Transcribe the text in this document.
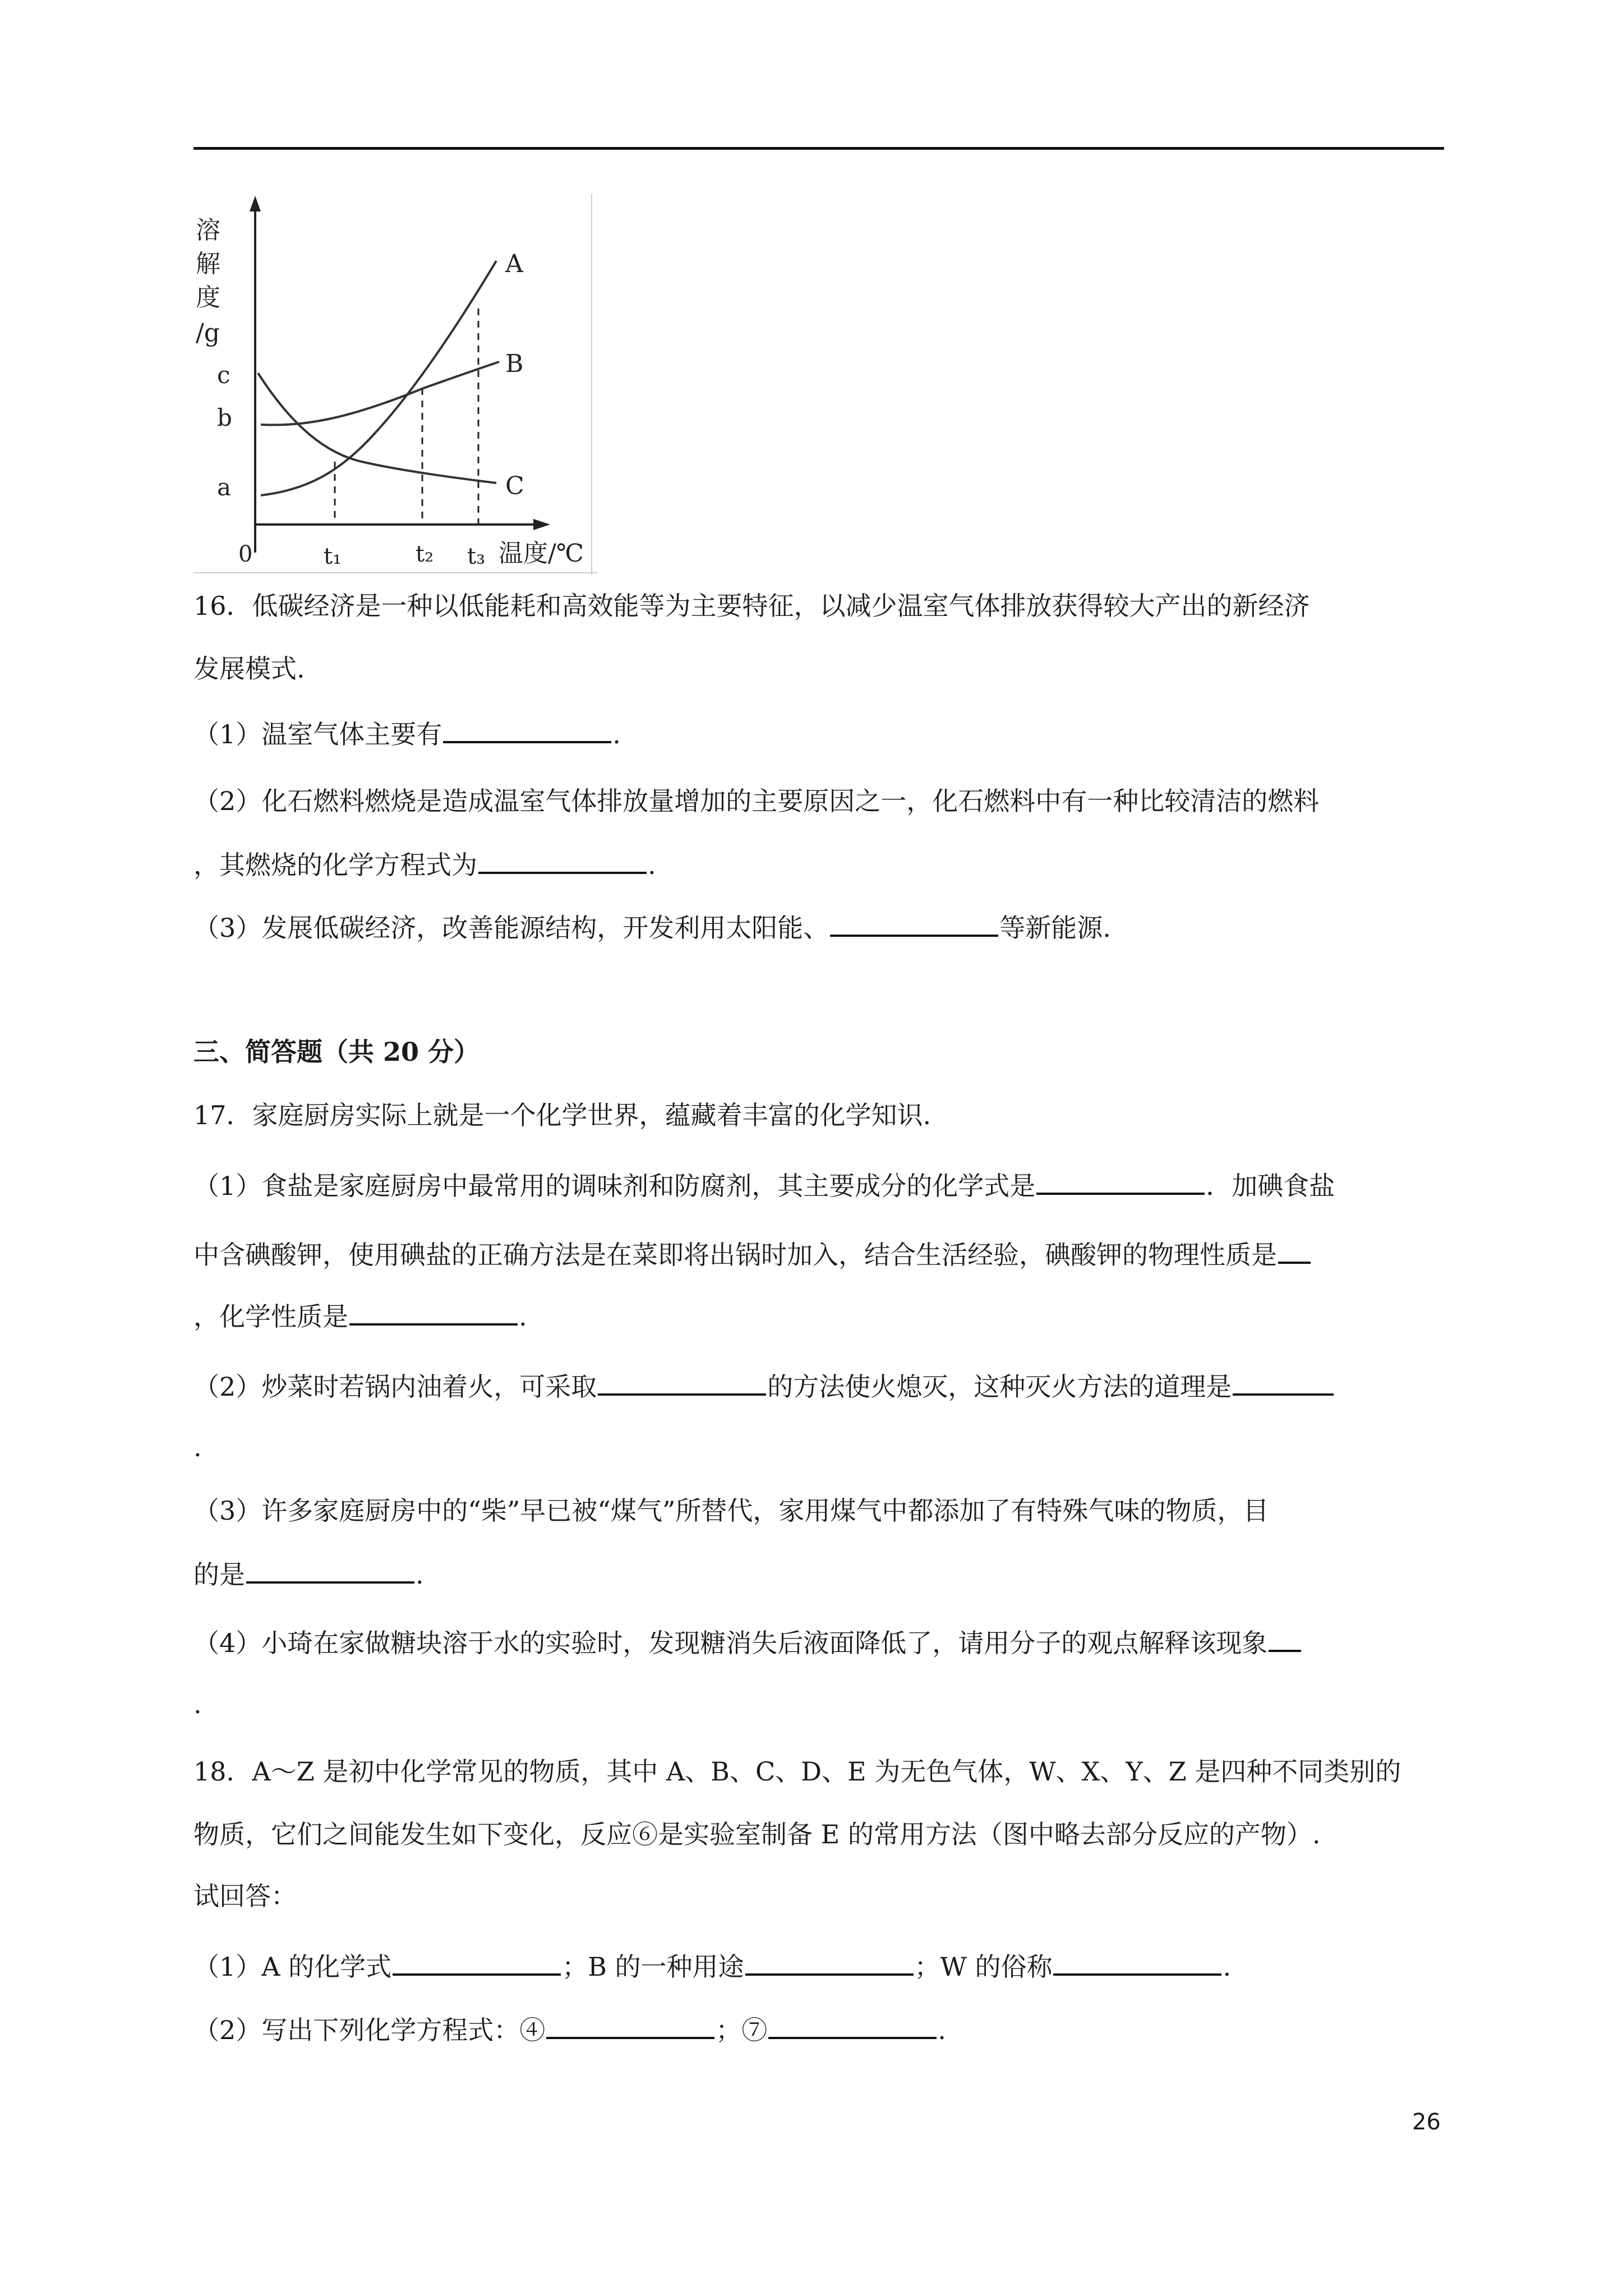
溶
解
度
/g
c
b
a
0	t₁	t₂ t₃ 温度/℃
A
B
C
16．低碳经济是一种以低能耗和高效能等为主要特征，以减少温室气体排放获得较大产出的新经济
发展模式.
（1）温室气体主要有	.
（2）化石燃料燃烧是造成温室气体排放量增加的主要原因之一，化石燃料中有一种比较清洁的燃料
，其燃烧的化学方程式为	.
（3）发展低碳经济，改善能源结构，开发利用太阳能、	等新能源.
三、简答题（共 20 分）
17．家庭厨房实际上就是一个化学世界，蕴藏着丰富的化学知识.
（1）食盐是家庭厨房中最常用的调味剂和防腐剂，其主要成分的化学式是	．加碘食盐
中含碘酸钾，使用碘盐的正确方法是在菜即将出锅时加入，结合生活经验，碘酸钾的物理性质是
，化学性质是	.
（2）炒菜时若锅内油着火，可采取	的方法使火熄灭，这种灭火方法的道理是
.
（3）许多家庭厨房中的“柴”早已被“煤气”所替代，家用煤气中都添加了有特殊气味的物质，目
的是	.
（4）小琦在家做糖块溶于水的实验时，发现糖消失后液面降低了，请用分子的观点解释该现象
.
18．A～Z 是初中化学常见的物质，其中 A、B、C、D、E 为无色气体，W、X、Y、Z 是四种不同类别的
物质，它们之间能发生如下变化，反应⑥是实验室制备 E 的常用方法（图中略去部分反应的产物）.
试回答：
（1）A 的化学式	；B 的一种用途	；W 的俗称	.
（2）写出下列化学方程式：④	；⑦	.
26
